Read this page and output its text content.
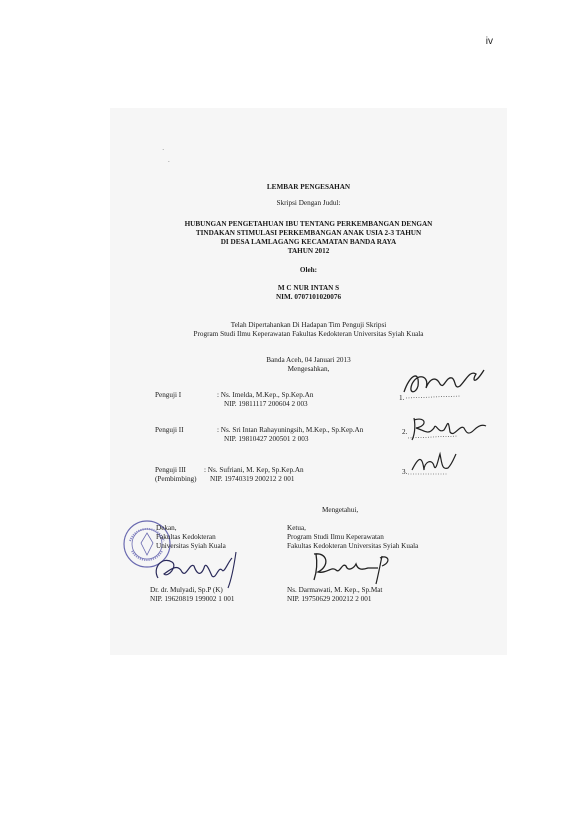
iv
·
.
LEMBAR PENGESAHAN
Skripsi Dengan Judul:
HUBUNGAN PENGETAHUAN IBU TENTANG PERKEMBANGAN DENGAN
TINDAKAN STIMULASI PERKEMBANGAN ANAK USIA 2-3 TAHUN
DI DESA LAMLAGANG KECAMATAN BANDA RAYA
TAHUN 2012
Oleh:
M C NUR INTAN S
NIM. 0707101020076
Telah Dipertahankan Di Hadapan Tim Penguji Skripsi
Program Studi Ilmu Keperawatan Fakultas Kedokteran Universitas Syiah Kuala
Banda Aceh, 04 Januari 2013
Mengesahkan,
Penguji I	: Ns. Imelda, M.Kep., Sp.Kep.An
NIP. 19811117 200604 2 003
1.
Penguji II	: Ns. Sri Intan Rahayuningsih, M.Kep., Sp.Kep.An
NIP. 19810427 200501 2 003
2.
Penguji III
(Pembimbing)
: Ns. Sufriani, M. Kep, Sp.Kep.An
NIP. 19740319 200212 2 001
3.
Mengetahui,
Dekan,
Fakultas Kedokteran
Universitas Syiah Kuala
Dr. dr. Mulyadi, Sp.P (K)
NIP. 19620819 199002 1 001
Ketua,
Program Studi Ilmu Keperawatan
Fakultas Kedokteran Universitas Syiah Kuala
Ns. Darmawati, M. Kep., Sp.Mat
NIP. 19750629 200212 2 001
